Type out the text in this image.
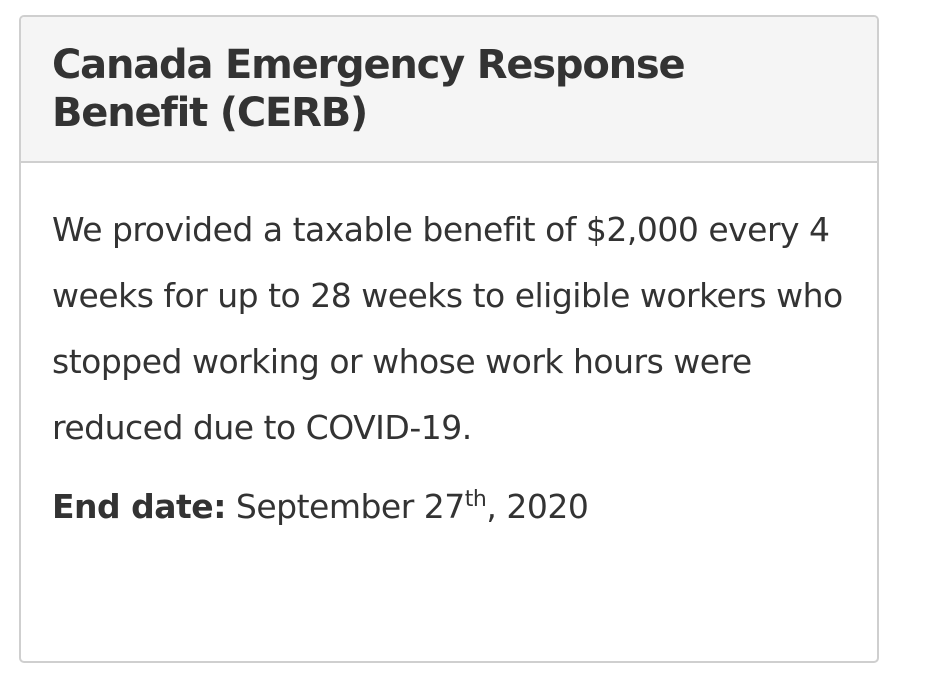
Canada Emergency Response Benefit (CERB)

We provided a taxable benefit of $2,000 every 4 weeks for up to 28 weeks to eligible workers who stopped working or whose work hours were reduced due to COVID-19.

End date: September 27th, 2020
